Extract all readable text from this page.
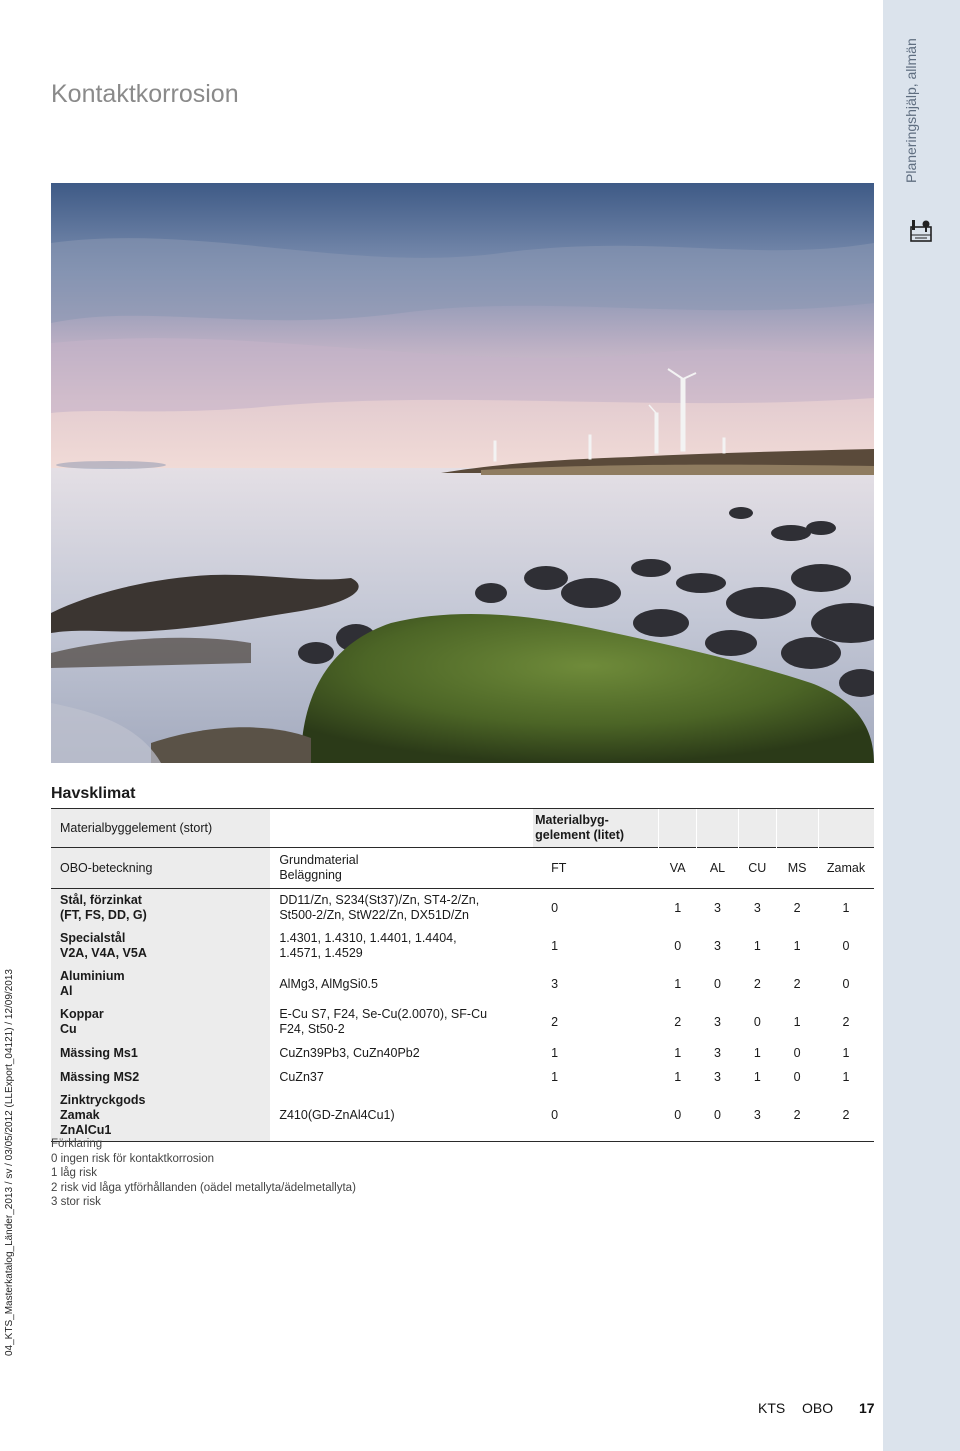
Planeringshjälp, allmän
04_KTS_Masterkatalog_Länder_2013 / sv / 03/05/2012 (LLExport_04121) / 12/09/2013
Kontaktkorrosion
Havsklimat
Materialbyggelement (stort)		Materialbyg-
gelement (litet)					
OBO-beteckning	Grundmaterial
Beläggning	FT	VA	AL	CU	MS	Zamak
Stål, förzinkat
(FT, FS, DD, G)	DD11/Zn, S234(St37)/Zn, ST4-2/Zn,
St500-2/Zn, StW22/Zn, DX51D/Zn	0	1	3	3	2	1
Specialstål
V2A, V4A, V5A	1.4301, 1.4310, 1.4401, 1.4404,
1.4571, 1.4529	1	0	3	1	1	0
Aluminium
Al	AlMg3, AlMgSi0.5	3	1	0	2	2	0
Koppar
Cu	E-Cu S7, F24, Se-Cu(2.0070), SF-Cu
F24, St50-2	2	2	3	0	1	2
Mässing Ms1	CuZn39Pb3, CuZn40Pb2	1	1	3	1	0	1
Mässing MS2	CuZn37	1	1	3	1	0	1
Zinktryckgods
Zamak
ZnAlCu1	Z410(GD-ZnAl4Cu1)	0	0	0	3	2	2
Förklaring
0 ingen risk för kontaktkorrosion
1 låg risk
2 risk vid låga ytförhållanden (oädel metallyta/ädelmetallyta)
3 stor risk
KTS OBO 17
